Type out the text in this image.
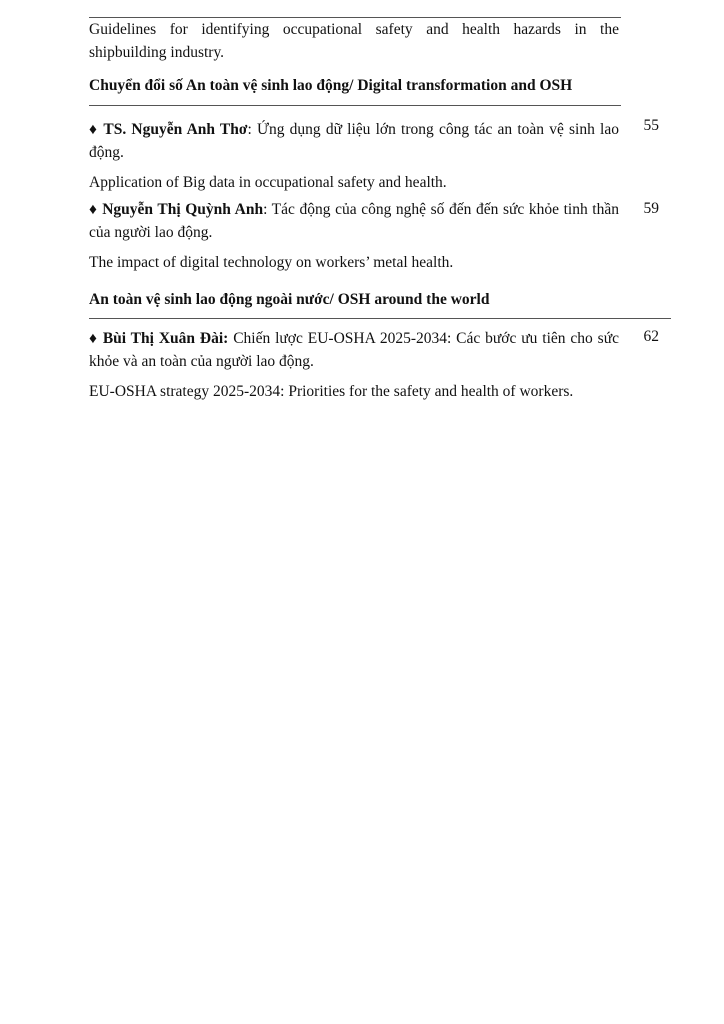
Guidelines for identifying occupational safety and health hazards in the
shipbuilding industry.
Chuyển đổi số An toàn vệ sinh lao động/ Digital transformation and OSH

♦ TS. Nguyễn Anh Thơ: Ứng dụng dữ liệu lớn trong công tác an toàn vệ sinh lao động.

Application of Big data in occupational safety and health.

55

♦ Nguyễn Thị Quỳnh Anh: Tác động của công nghệ số đến đến sức khỏe tinh thần của người lao động.

The impact of digital technology on workers’ metal health.

59
An toàn vệ sinh lao động ngoài nước/ OSH around the world

♦ Bùi Thị Xuân Đài: Chiến lược EU-OSHA 2025-2034: Các bước ưu tiên cho sức khỏe và an toàn của người lao động.

EU-OSHA strategy 2025-2034: Priorities for the safety and health of workers.

62
